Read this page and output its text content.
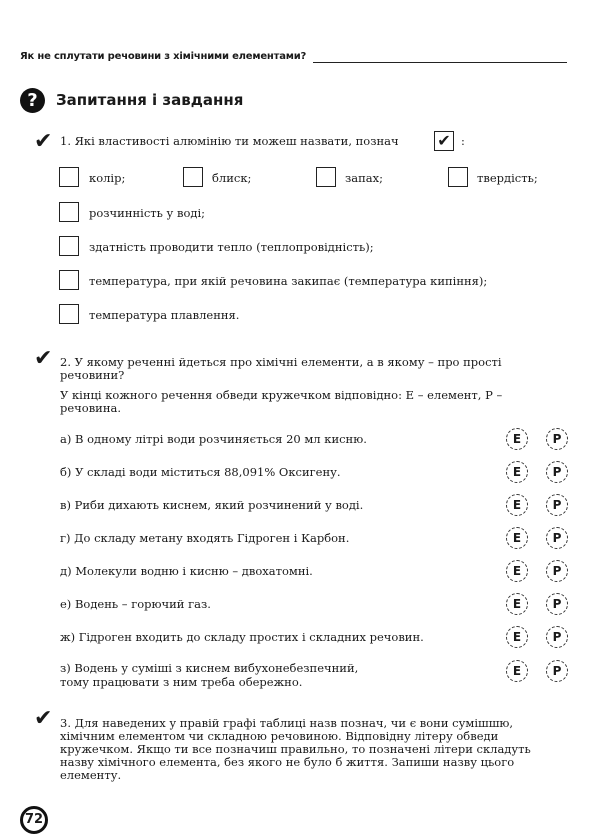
Як не сплутати речовини з хімічними елементами?
?	Запитання і завдання
✔ 1. Які властивості алюмінію ти можеш назвати, познач ✔ :
колір;	блиск;	запах;	твердість;
розчинність у воді;
здатність проводити тепло (теплопровідність);
температура, при якій речовина закипає (температура кипіння);
температура плавлення.
✔ 2. У якому реченні йдеться про хімічні елементи, а в якому – про прості
речовини?
У кінці кожного речення обведи кружечком відповідно: Е – елемент, Р –
речовина.
а) В одному літрі води розчиняється 20 мл кисню.	Е	Р
б) У складі води міститься 88,091% Оксигену.	Е	Р
в) Риби дихають киснем, який розчинений у воді.	Е	Р
г) До складу метану входять Гідроген і Карбон.	Е	Р
д) Молекули водню і кисню – двохатомні.	Е	Р
е) Водень – горючий газ.	Е	Р
ж) Гідроген входить до складу простих і складних речовин.	Е	Р
з) Водень у суміші з киснем вибухонебезпечний,
тому працювати з ним треба обережно.
Е	Р
✔ 3. Для наведених у правій графі таблиці назв познач, чи є вони сумішшю,
хімічним елементом чи складною речовиною. Відповідну літеру обведи
кружечком. Якщо ти все позначиш правильно, то позначені літери складуть
назву хімічного елемента, без якого не було б життя. Запиши назву цього
елементу.
72
